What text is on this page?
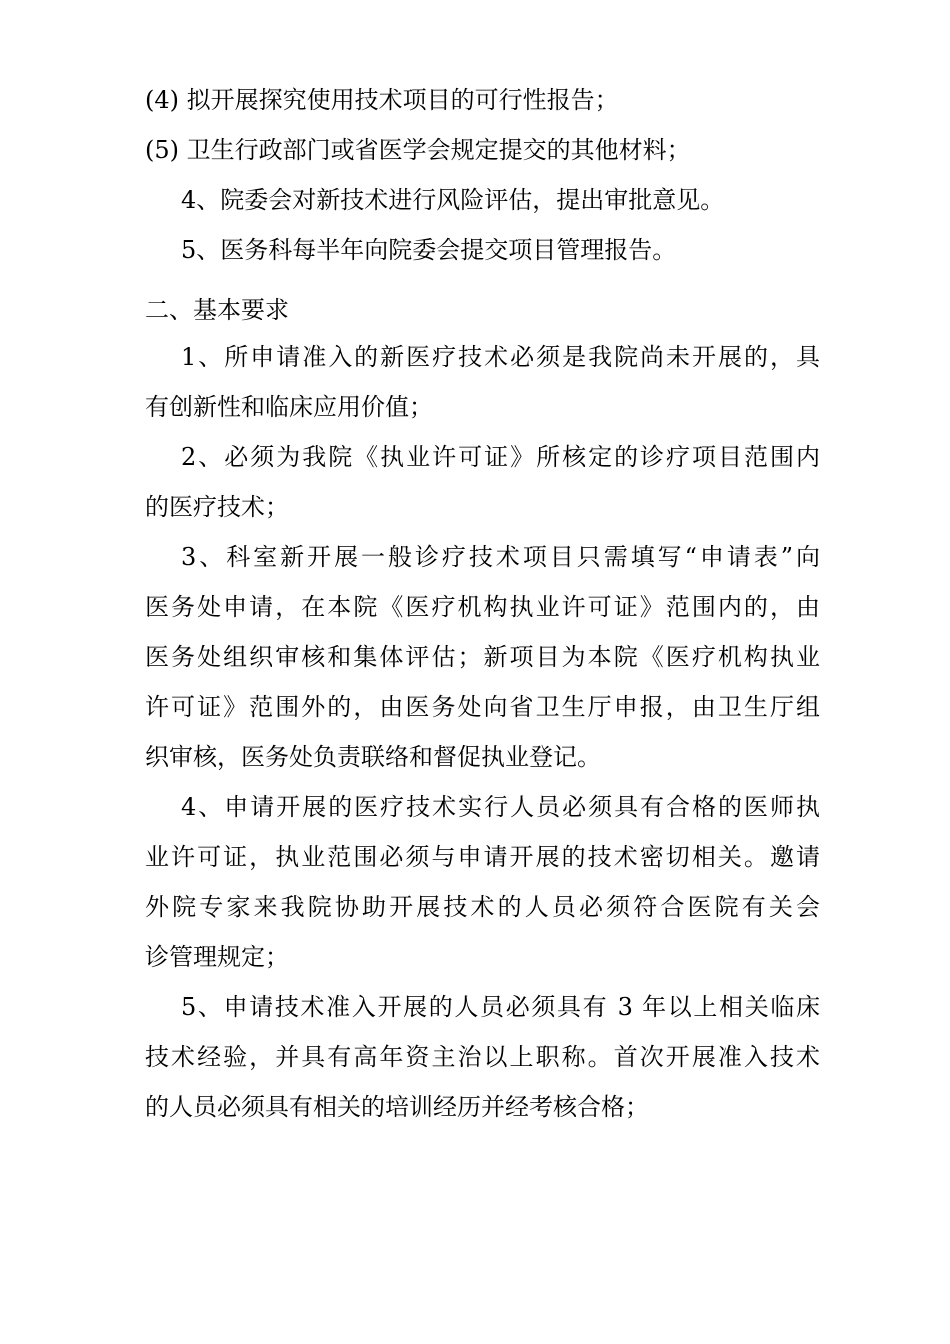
(4) 拟开展探究使用技术项目的可行性报告；
(5) 卫生行政部门或省医学会规定提交的其他材料；
4、院委会对新技术进行风险评估，提出审批意见。
5、医务科每半年向院委会提交项目管理报告。
二、基本要求
1、所申请准入的新医疗技术必须是我院尚未开展的，具
有创新性和临床应用价值；
2、必须为我院《执业许可证》所核定的诊疗项目范围内
的医疗技术；
3、科室新开展一般诊疗技术项目只需填写“申请表”向
医务处申请，在本院《医疗机构执业许可证》范围内的，由
医务处组织审核和集体评估；新项目为本院《医疗机构执业
许可证》范围外的，由医务处向省卫生厅申报，由卫生厅组
织审核，医务处负责联络和督促执业登记。
4、申请开展的医疗技术实行人员必须具有合格的医师执
业许可证，执业范围必须与申请开展的技术密切相关。邀请
外院专家来我院协助开展技术的人员必须符合医院有关会
诊管理规定；
5、申请技术准入开展的人员必须具有 3 年以上相关临床
技术经验，并具有高年资主治以上职称。首次开展准入技术
的人员必须具有相关的培训经历并经考核合格；
